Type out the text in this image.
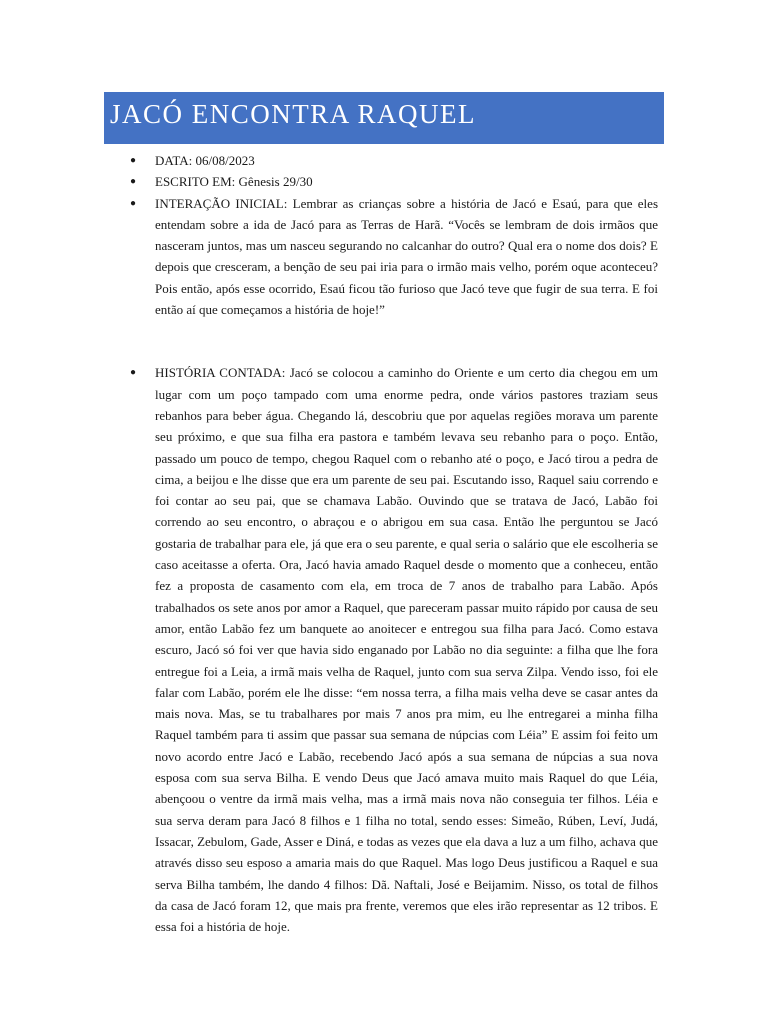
JACÓ ENCONTRA RAQUEL
● DATA: 06/08/2023
● ESCRITO EM: Gênesis 29/30
● INTERAÇÃO INICIAL: Lembrar as crianças sobre a história de Jacó e Esaú, para que eles entendam sobre a ida de Jacó para as Terras de Harã. “Vocês se lembram de dois irmãos que nasceram juntos, mas um nasceu segurando no calcanhar do outro? Qual era o nome dos dois? E depois que cresceram, a benção de seu pai iria para o irmão mais velho, porém oque aconteceu? Pois então, após esse ocorrido, Esaú ficou tão furioso que Jacó teve que fugir de sua terra. E foi então aí que começamos a história de hoje!”
● HISTÓRIA CONTADA: Jacó se colocou a caminho do Oriente e um certo dia chegou em um lugar com um poço tampado com uma enorme pedra, onde vários pastores traziam seus rebanhos para beber água. Chegando lá, descobriu que por aquelas regiões morava um parente seu próximo, e que sua filha era pastora e também levava seu rebanho para o poço. Então, passado um pouco de tempo, chegou Raquel com o rebanho até o poço, e Jacó tirou a pedra de cima, a beijou e lhe disse que era um parente de seu pai. Escutando isso, Raquel saiu correndo e foi contar ao seu pai, que se chamava Labão. Ouvindo que se tratava de Jacó, Labão foi correndo ao seu encontro, o abraçou e o abrigou em sua casa. Então lhe perguntou se Jacó gostaria de trabalhar para ele, já que era o seu parente, e qual seria o salário que ele escolheria se caso aceitasse a oferta. Ora, Jacó havia amado Raquel desde o momento que a conheceu, então fez a proposta de casamento com ela, em troca de 7 anos de trabalho para Labão. Após trabalhados os sete anos por amor a Raquel, que pareceram passar muito rápido por causa de seu amor, então Labão fez um banquete ao anoitecer e entregou sua filha para Jacó. Como estava escuro, Jacó só foi ver que havia sido enganado por Labão no dia seguinte: a filha que lhe fora entregue foi a Leia, a irmã mais velha de Raquel, junto com sua serva Zilpa. Vendo isso, foi ele falar com Labão, porém ele lhe disse: “em nossa terra, a filha mais velha deve se casar antes da mais nova. Mas, se tu trabalhares por mais 7 anos pra mim, eu lhe entregarei a minha filha Raquel também para ti assim que passar sua semana de núpcias com Léia” E assim foi feito um novo acordo entre Jacó e Labão, recebendo Jacó após a sua semana de núpcias a sua nova esposa com sua serva Bilha. E vendo Deus que Jacó amava muito mais Raquel do que Léia, abençoou o ventre da irmã mais velha, mas a irmã mais nova não conseguia ter filhos. Léia e sua serva deram para Jacó 8 filhos e 1 filha no total, sendo esses: Simeão, Rúben, Leví, Judá, Issacar, Zebulom, Gade, Asser e Diná, e todas as vezes que ela dava a luz a um filho, achava que através disso seu esposo a amaria mais do que Raquel. Mas logo Deus justificou a Raquel e sua serva Bilha também, lhe dando 4 filhos: Dã. Naftali, José e Beijamim. Nisso, os total de filhos da casa de Jacó foram 12, que mais pra frente, veremos que eles irão representar as 12 tribos. E essa foi a história de hoje.
